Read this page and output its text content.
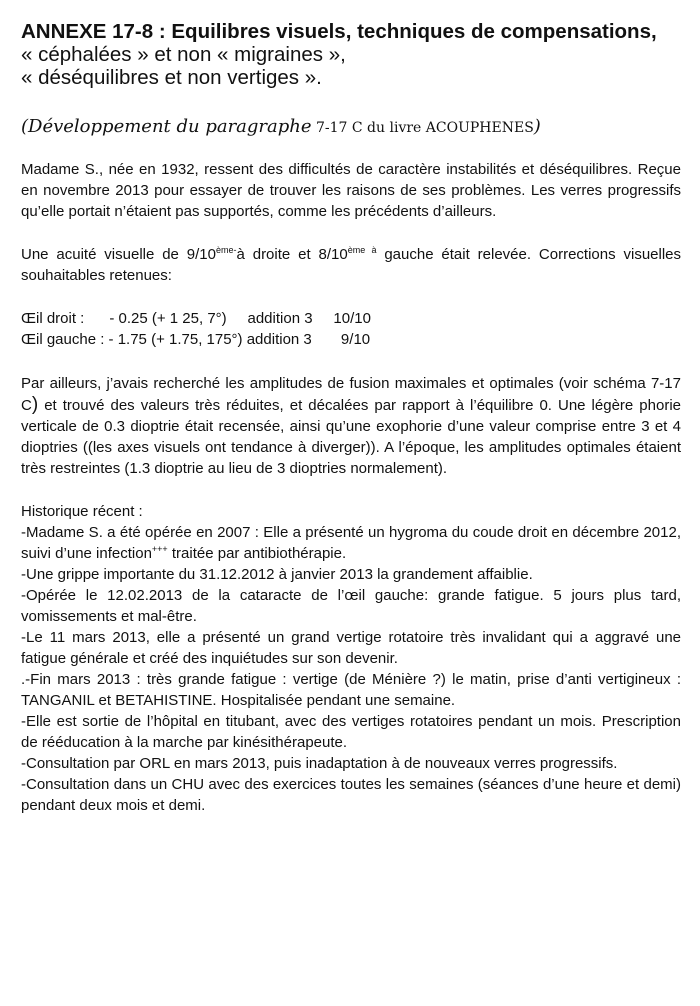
ANNEXE 17-8 : Equilibres visuels, techniques de compensations,

« céphalées » et non « migraines »,
« déséquilibres et non vertiges ».

(Développement du paragraphe 7-17 C du livre ACOUPHENES)

Madame S., née en 1932, ressent des difficultés de caractère instabilités et déséquilibres. Reçue en novembre 2013 pour essayer de trouver les raisons de ses problèmes. Les verres progressifs qu’elle portait n’étaient pas supportés, comme les précédents d’ailleurs.

Une acuité visuelle de $9/10^{ème-}à$ droite et $8/10^{ème à}$ gauche était relevée. Corrections visuelles souhaitables retenues:

Œil droit :      - 0.25 (+ 1 25, 7°)     addition 3     10/10
Œil gauche : - 1.75 (+ 1.75, 175°) addition 3       9/10

Par ailleurs, j’avais recherché les amplitudes de fusion maximales et optimales (voir schéma 7-17 C) et trouvé des valeurs très réduites, et décalées par rapport à l’équilibre 0. Une légère phorie verticale de 0.3 dioptrie était recensée, ainsi qu’une exophorie d’une valeur comprise entre 3 et 4 dioptries ((les axes visuels ont tendance à diverger)). A l’époque, les amplitudes optimales étaient très restreintes (1.3 dioptrie au lieu de 3 dioptries normalement).

Historique récent :

-Madame S. a été opérée en 2007 : Elle a présenté un hygroma du coude droit en décembre 2012, suivi d’une infection+++ traitée par antibiothérapie.

-Une grippe importante du 31.12.2012 à janvier 2013 la grandement affaiblie.

-Opérée le 12.02.2013 de la cataracte de l’œil gauche: grande fatigue. 5 jours plus tard, vomissements et mal-être.

-Le 11 mars 2013, elle a présenté un grand vertige rotatoire très invalidant qui a aggravé une fatigue générale et créé des inquiétudes sur son devenir.

.-Fin mars 2013 : très grande fatigue : vertige (de Ménière ?) le matin, prise d’anti vertigineux : TANGANIL et BETAHISTINE. Hospitalisée pendant une semaine.

-Elle est sortie de l’hôpital en titubant, avec des vertiges rotatoires pendant un mois. Prescription de rééducation à la marche par kinésithérapeute.

-Consultation par ORL en mars 2013, puis inadaptation à de nouveaux verres progressifs.

-Consultation dans un CHU avec des exercices toutes les semaines (séances d’une heure et demi) pendant deux mois et demi.
